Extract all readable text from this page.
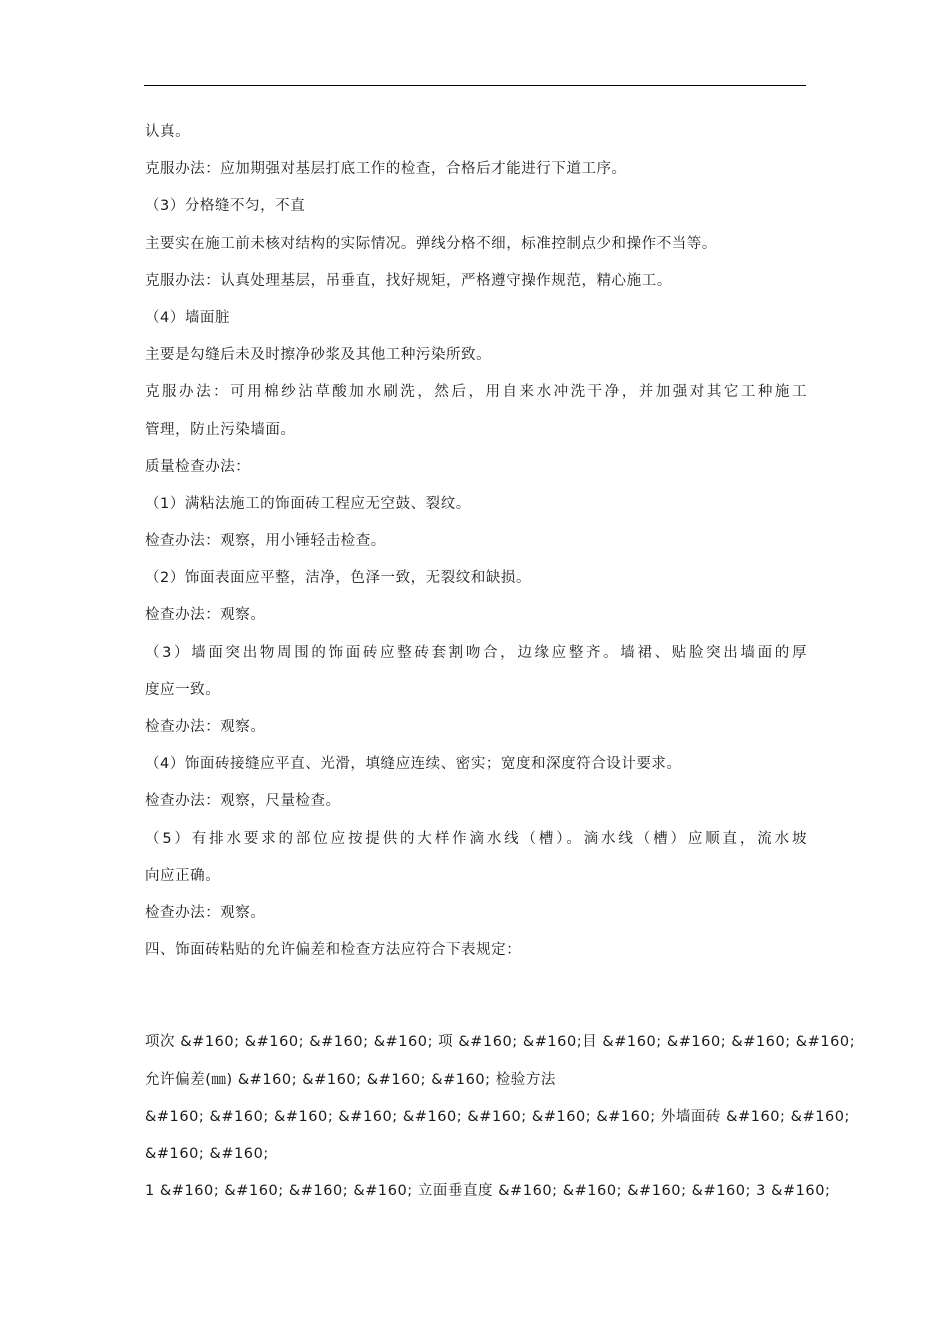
认真。
克服办法：应加期强对基层打底工作的检查，合格后才能进行下道工序。
（3）分格缝不匀，不直
主要实在施工前未核对结构的实际情况。弹线分格不细，标准控制点少和操作不当等。
克服办法：认真处理基层，吊垂直，找好规矩，严格遵守操作规范，精心施工。
（4）墙面脏
主要是勾缝后未及时擦净砂浆及其他工种污染所致。
克服办法：可用棉纱沾草酸加水刷洗，然后，用自来水冲洗干净，并加强对其它工种施工
管理，防止污染墙面。
质量检查办法：
（1）满粘法施工的饰面砖工程应无空鼓、裂纹。
检查办法：观察，用小锤轻击检查。
（2）饰面表面应平整，洁净，色泽一致，无裂纹和缺损。
检查办法：观察。
（3）墙面突出物周围的饰面砖应整砖套割吻合，边缘应整齐。墙裙、贴脸突出墙面的厚
度应一致。
检查办法：观察。
（4）饰面砖接缝应平直、光滑，填缝应连续、密实；宽度和深度符合设计要求。
检查办法：观察，尺量检查。
（5）有排水要求的部位应按提供的大样作滴水线（槽）。滴水线（槽）应顺直，流水坡
向应正确。
检查办法：观察。
四、饰面砖粘贴的允许偏差和检查方法应符合下表规定：
项次 &#160; &#160; &#160; &#160; 项 &#160; &#160;目 &#160; &#160; &#160; &#160;
允许偏差(㎜) &#160; &#160; &#160; &#160; 检验方法
&#160; &#160; &#160; &#160; &#160; &#160; &#160; &#160; 外墙面砖 &#160; &#160;
&#160; &#160;
1 &#160; &#160; &#160; &#160; 立面垂直度 &#160; &#160; &#160; &#160; 3 &#160;
